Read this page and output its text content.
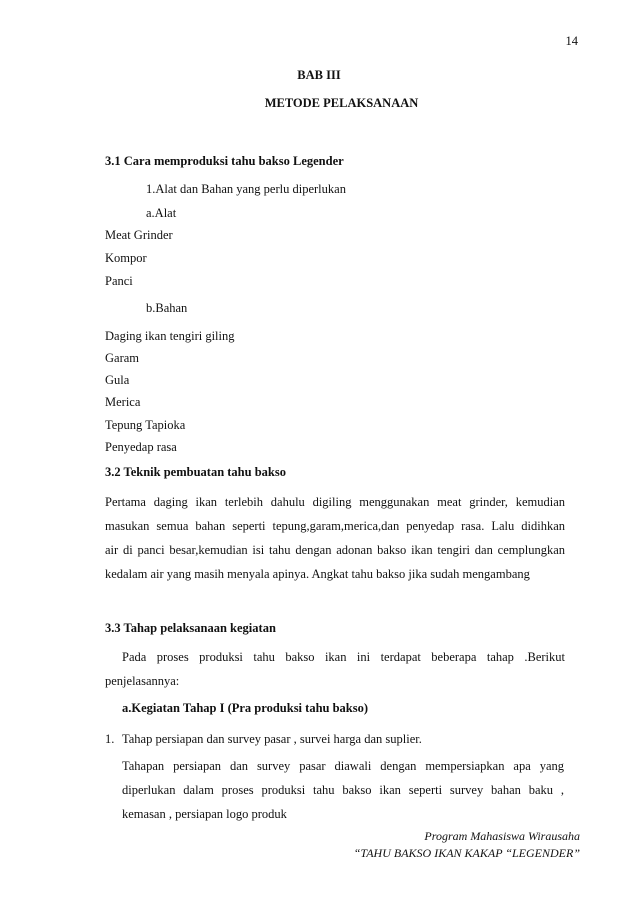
14
BAB III
METODE PELAKSANAAN
3.1 Cara memproduksi tahu bakso Legender
1.Alat dan Bahan yang perlu diperlukan
a.Alat
Meat Grinder
Kompor
Panci
b.Bahan
Daging ikan tengiri giling
Garam
Gula
Merica
Tepung Tapioka
Penyedap rasa
3.2 Teknik pembuatan tahu bakso
Pertama daging ikan terlebih dahulu digiling menggunakan meat grinder, kemudian
masukan semua bahan seperti tepung,garam,merica,dan penyedap rasa. Lalu didihkan
air di panci besar,kemudian isi tahu dengan adonan bakso ikan tengiri dan cemplungkan
kedalam air yang masih menyala apinya. Angkat tahu bakso jika sudah mengambang
3.3 Tahap pelaksanaan kegiatan
Pada proses produksi tahu bakso ikan ini terdapat beberapa tahap .Berikut
penjelasannya:
a.Kegiatan Tahap I (Pra produksi tahu bakso)
1. Tahap persiapan dan survey pasar , survei harga dan suplier.
Tahapan persiapan dan survey pasar diawali dengan mempersiapkan apa yang
diperlukan dalam proses produksi tahu bakso ikan seperti survey bahan baku ,
kemasan , persiapan logo produk
Program Mahasiswa Wirausaha
“TAHU BAKSO IKAN KAKAP “LEGENDER”
